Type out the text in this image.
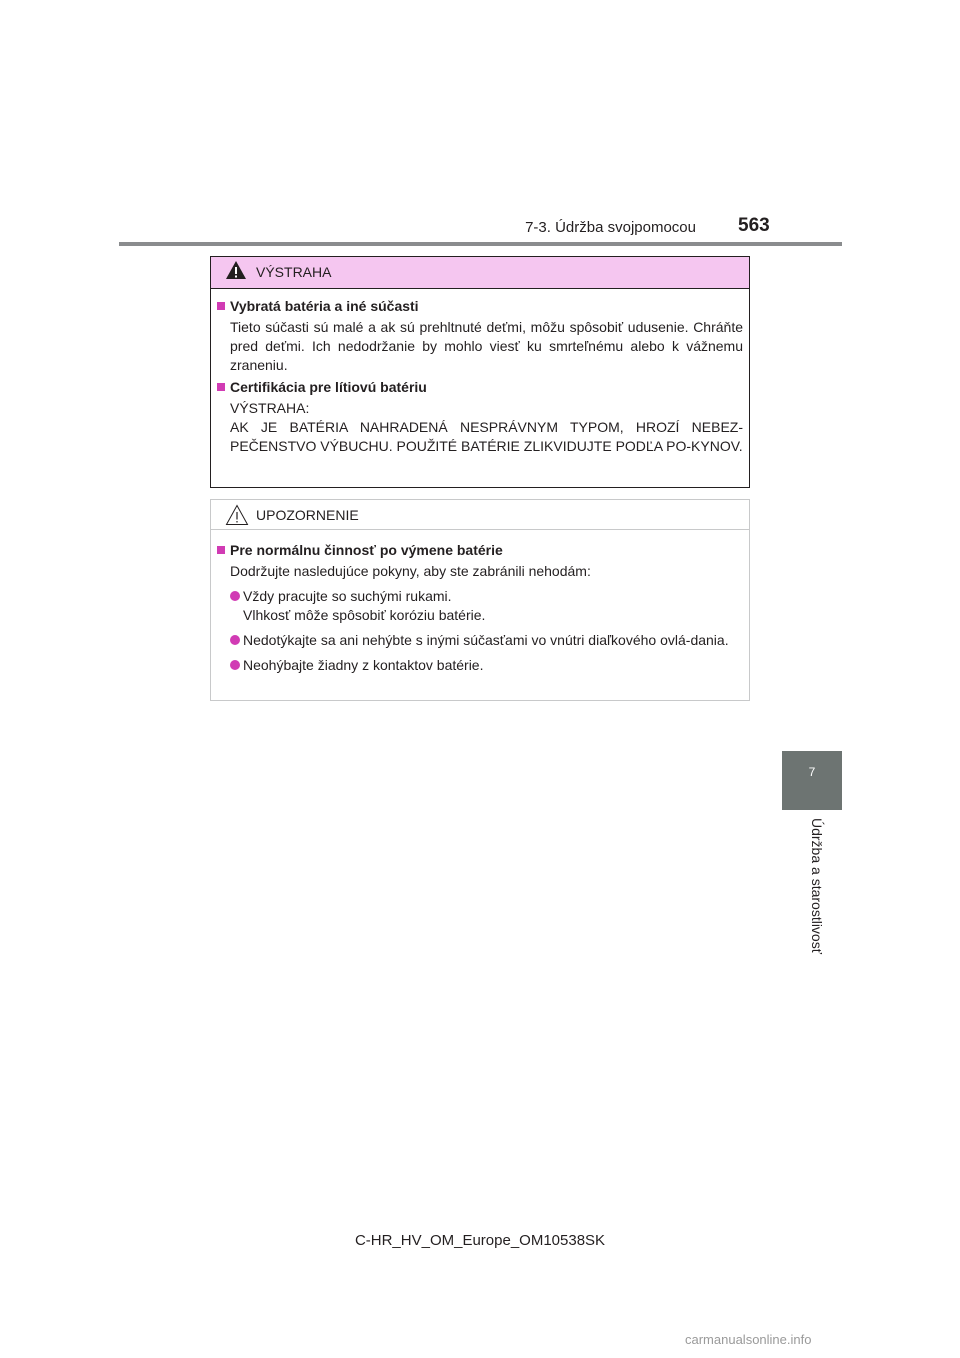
7-3. Údržba svojpomocou 563
7
Údržba a starostlivosť
VÝSTRAHA
Vybratá batéria a iné súčasti
Tieto súčasti sú malé a ak sú prehltnuté deťmi, môžu spôsobiť udusenie. Chráňte pred deťmi. Ich nedodržanie by mohlo viesť ku smrteľnému alebo k vážnemu zraneniu.
Certifikácia pre lítiovú batériu
VÝSTRAHA:
AK JE BATÉRIA NAHRADENÁ NESPRÁVNYM TYPOM, HROZÍ NEBEZ-PEČENSTVO VÝBUCHU. POUŽITÉ BATÉRIE ZLIKVIDUJTE PODĽA PO-KYNOV.
UPOZORNENIE
Pre normálnu činnosť po výmene batérie
Dodržujte nasledujúce pokyny, aby ste zabránili nehodám:
Vždy pracujte so suchými rukami.
Vlhkosť môže spôsobiť koróziu batérie.
Nedotýkajte sa ani nehýbte s inými súčasťami vo vnútri diaľkového ovlá-dania.
Neohýbajte žiadny z kontaktov batérie.
C-HR_HV_OM_Europe_OM10538SK
carmanualsonline.info
